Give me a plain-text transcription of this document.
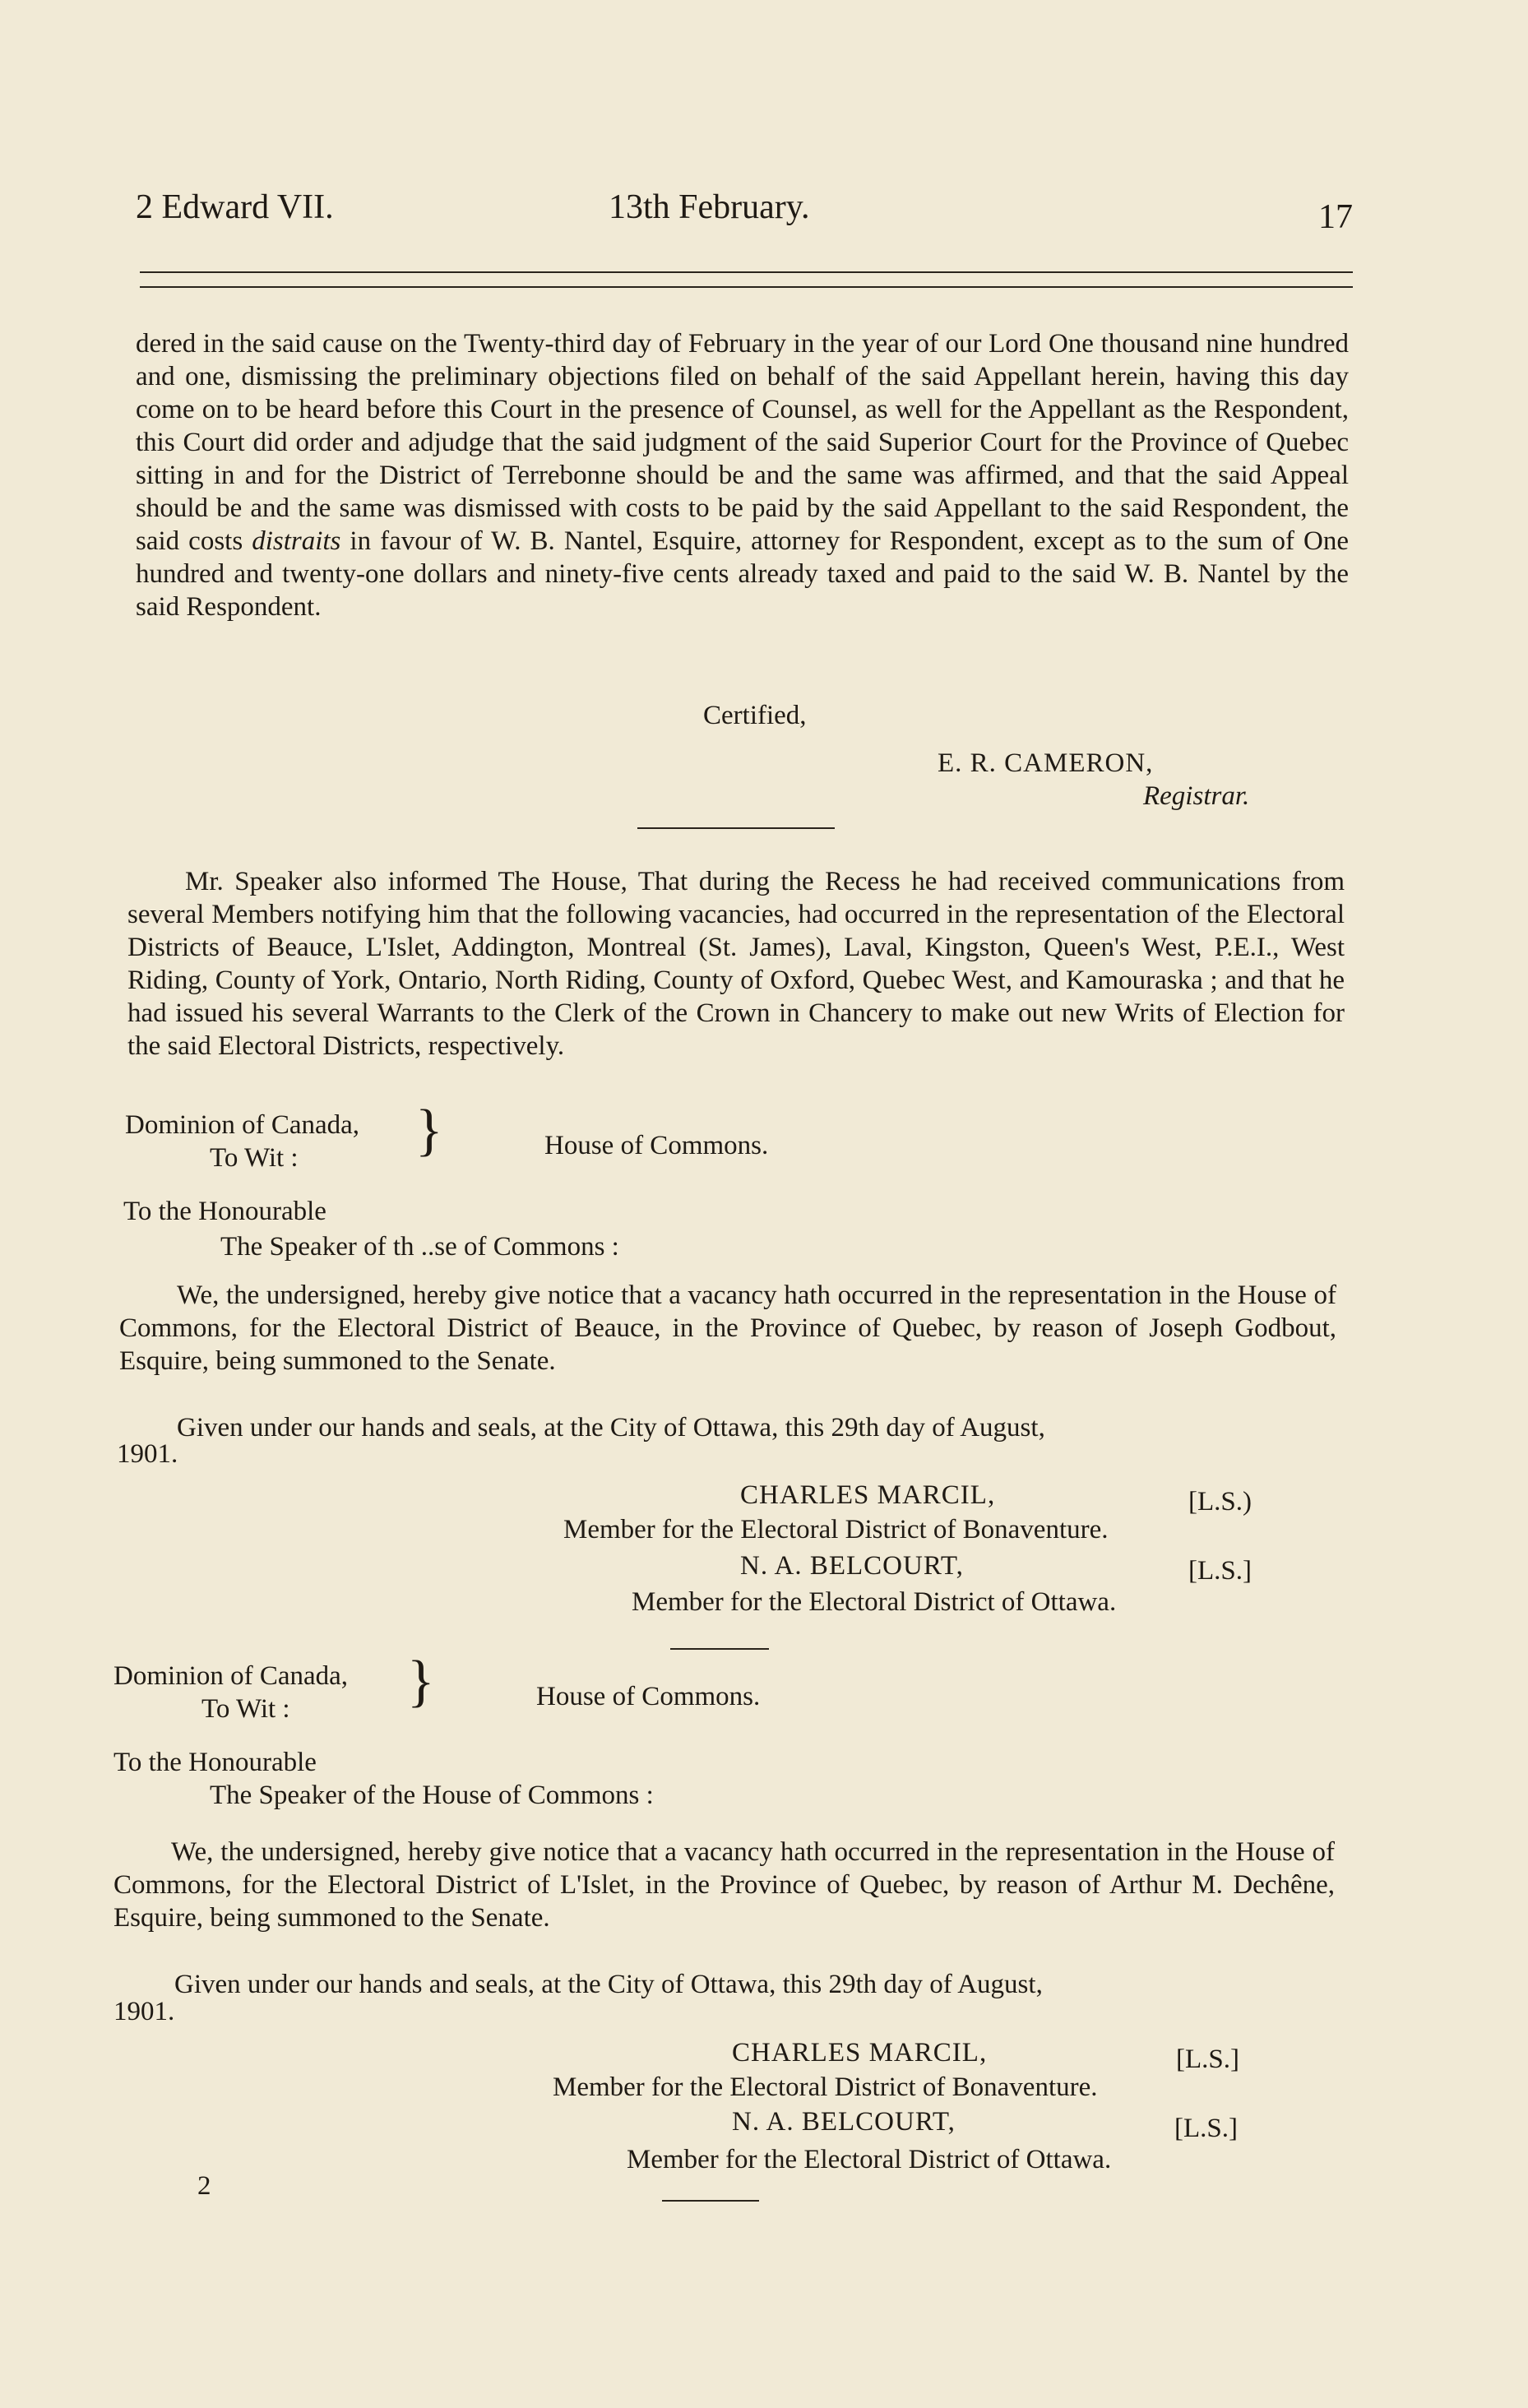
2 Edward VII.	13th February.	17

dered in the said cause on the Twenty-third day of February in the year of our Lord One thousand nine hundred and one, dismissing the preliminary objections filed on behalf of the said Appellant herein, having this day come on to be heard before this Court in the presence of Counsel, as well for the Appellant as the Respondent, this Court did order and adjudge that the said judgment of the said Superior Court for the Province of Quebec sitting in and for the District of Terrebonne should be and the same was affirmed, and that the said Appeal should be and the same was dismissed with costs to be paid by the said Appellant to the said Respondent, the said costs distraits in favour of W. B. Nantel, Esquire, attorney for Respondent, except as to the sum of One hundred and twenty-one dollars and ninety-five cents already taxed and paid to the said W. B. Nantel by the said Respondent.

Certified,

E. R. CAMERON,

Registrar.

Mr. Speaker also informed The House, That during the Recess he had received communications from several Members notifying him that the following vacancies, had occurred in the representation of the Electoral Districts of Beauce, L'Islet, Addington, Montreal (St. James), Laval, Kingston, Queen's West, P.E.I., West Riding, County of York, Ontario, North Riding, County of Oxford, Quebec West, and Kamouraska ; and that he had issued his several Warrants to the Clerk of the Crown in Chancery to make out new Writs of Election for the said Electoral Districts, respectively.

Dominion of Canada,

To Wit : }	House of Commons.

To the Honourable

The Speaker of th ..se of Commons :

We, the undersigned, hereby give notice that a vacancy hath occurred in the representation in the House of Commons, for the Electoral District of Beauce, in the Province of Quebec, by reason of Joseph Godbout, Esquire, being summoned to the Senate.

Given under our hands and seals, at the City of Ottawa, this 29th day of August,

1901.

CHARLES MARCIL,	[L.S.)

Member for the Electoral District of Bonaventure.

N. A. BELCOURT,	[L.S.]

Member for the Electoral District of Ottawa.

Dominion of Canada,

To Wit : }	House of Commons.

To the Honourable

The Speaker of the House of Commons :

We, the undersigned, hereby give notice that a vacancy hath occurred in the representation in the House of Commons, for the Electoral District of L'Islet, in the Province of Quebec, by reason of Arthur M. Dechêne, Esquire, being summoned to the Senate.

Given under our hands and seals, at the City of Ottawa, this 29th day of August,

1901.

CHARLES MARCIL,	[L.S.]

Member for the Electoral District of Bonaventure.

N. A. BELCOURT,	[L.S.]

Member for the Electoral District of Ottawa.

2
